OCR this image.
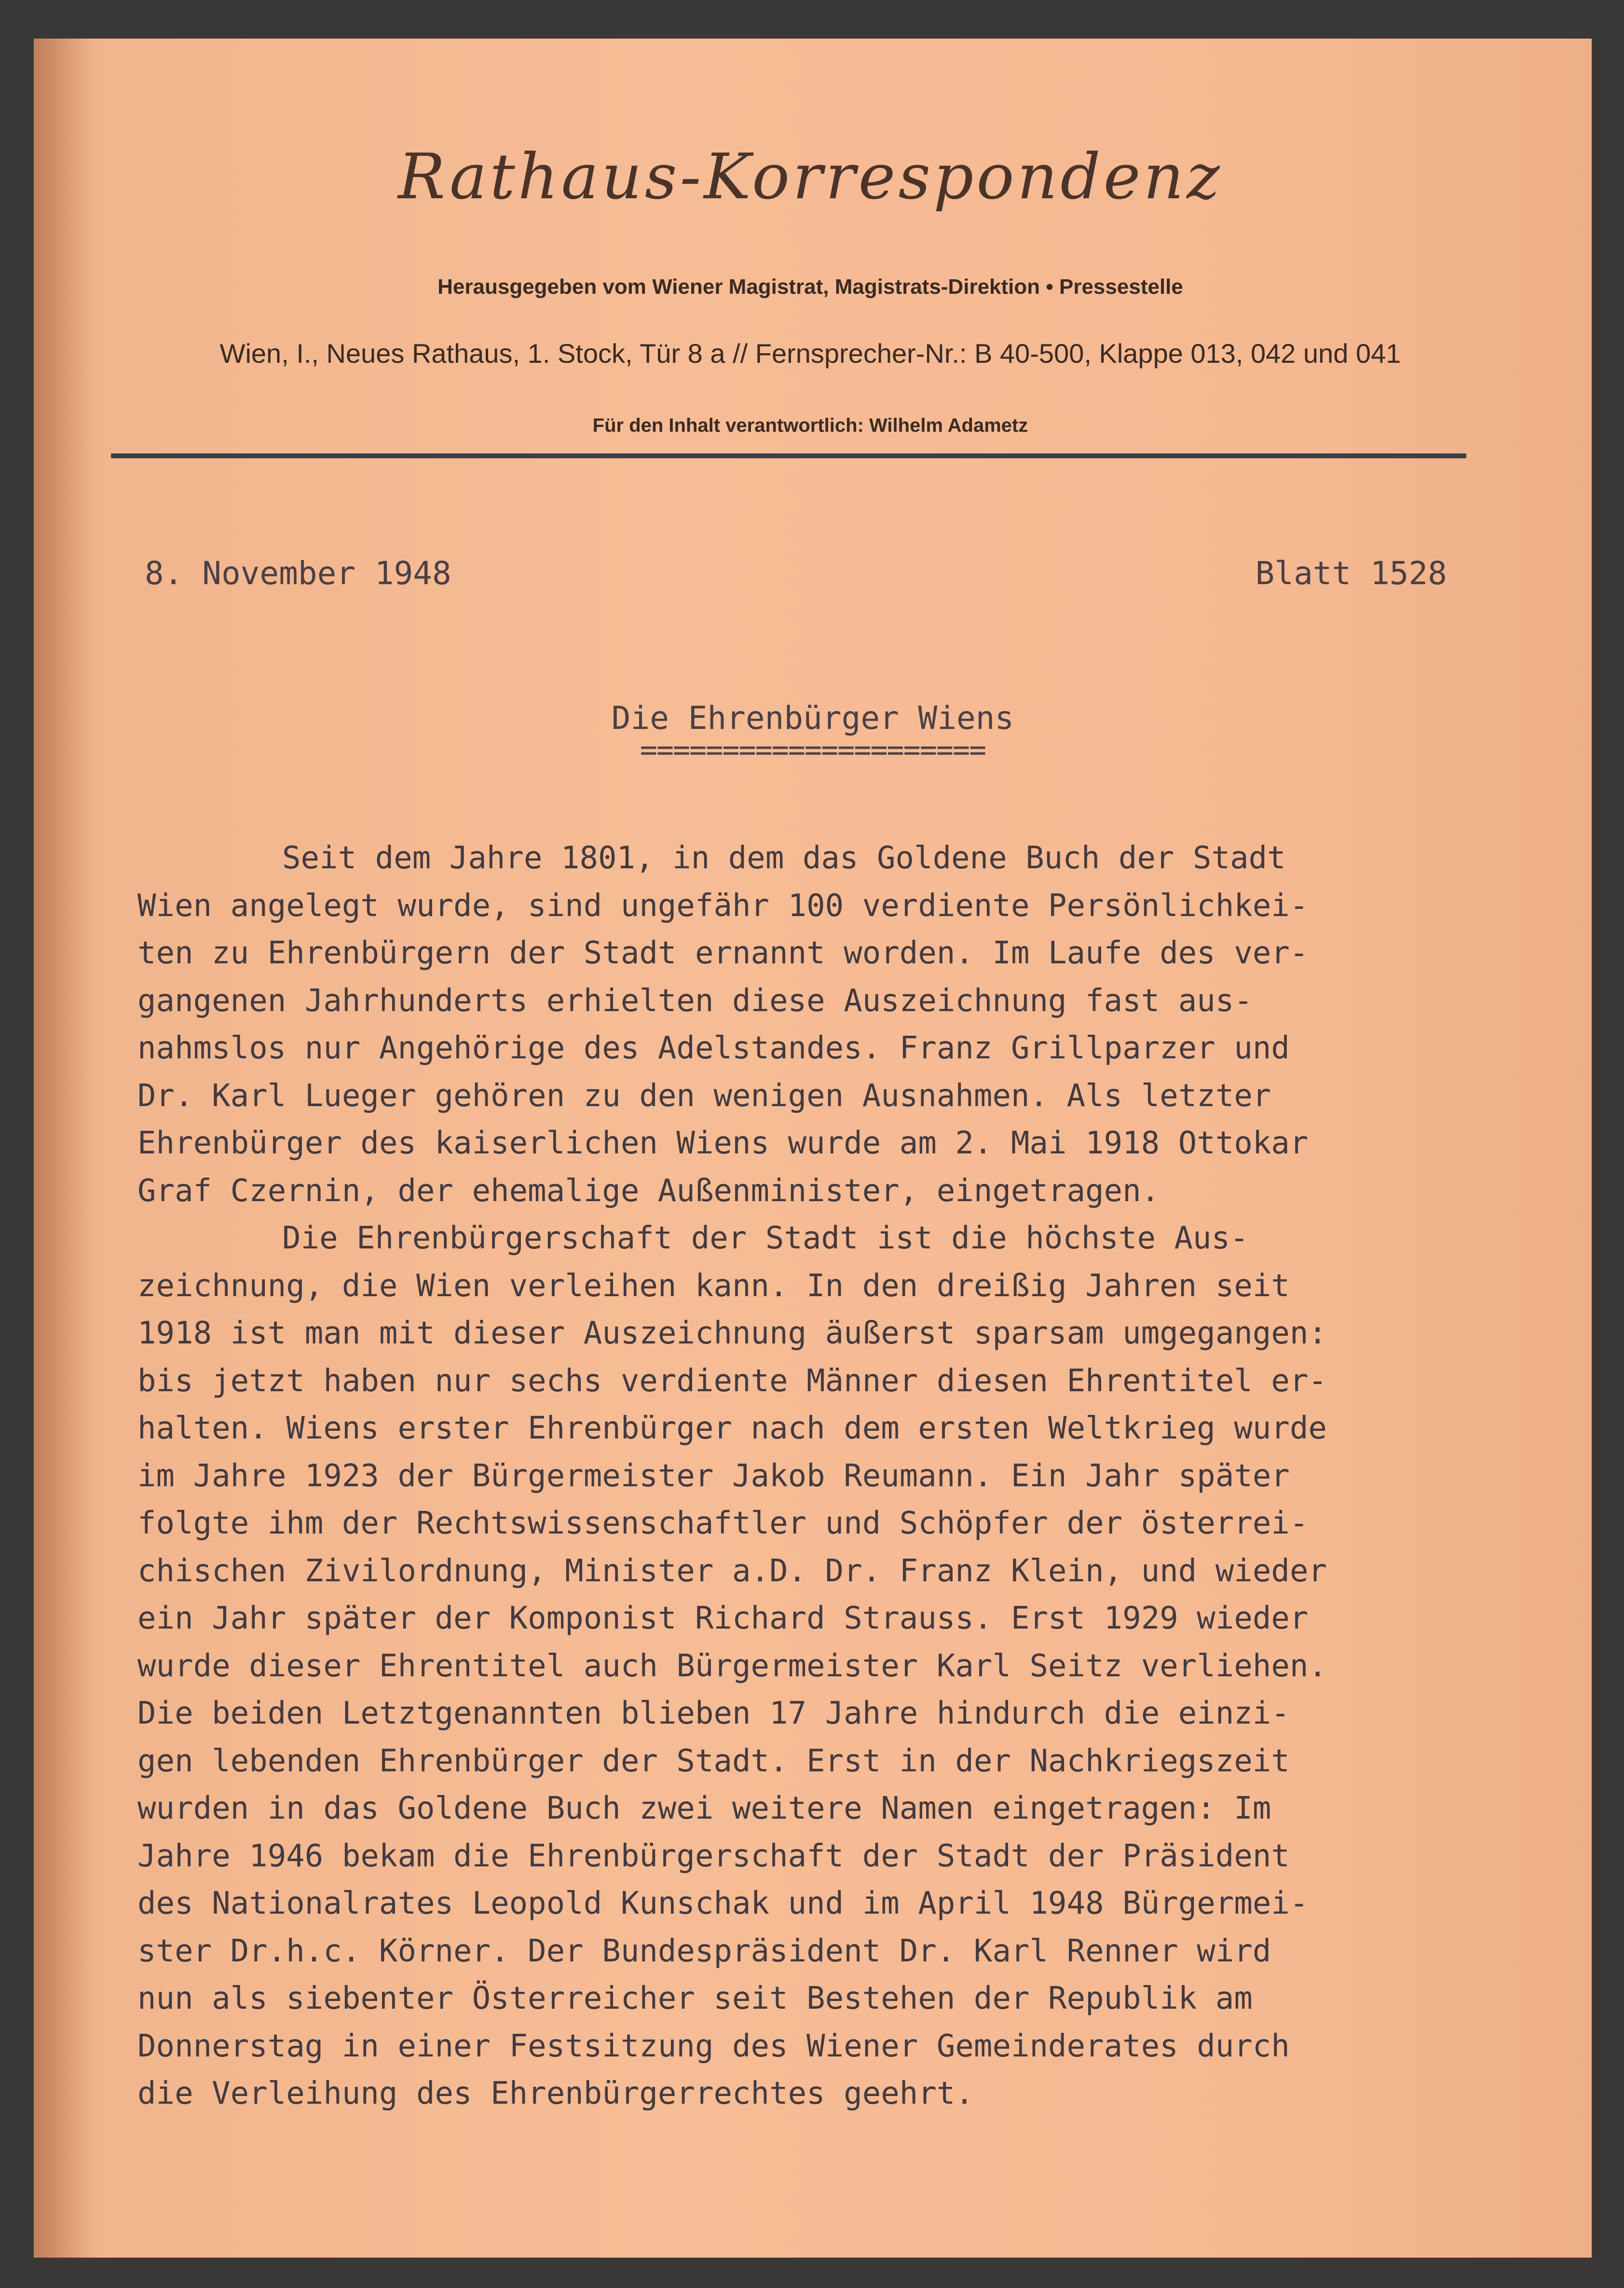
Rathaus-Korrespondenz

Herausgegeben vom Wiener Magistrat, Magistrats-Direktion • Pressestelle

Wien, I., Neues Rathaus, 1. Stock, Tür 8 a // Fernsprecher-Nr.: B 40-500, Klappe 013, 042 und 041

Für den Inhalt verantwortlich: Wilhelm Adametz

8. November 1948	Blatt 1528

Die Ehrenbürger Wiens

=====================

Seit dem Jahre 1801, in dem das Goldene Buch der Stadt
Wien angelegt wurde, sind ungefähr 100 verdiente Persönlichkei-
ten zu Ehrenbürgern der Stadt ernannt worden. Im Laufe des ver-
gangenen Jahrhunderts erhielten diese Auszeichnung fast aus-
nahmslos nur Angehörige des Adelstandes. Franz Grillparzer und
Dr. Karl Lueger gehören zu den wenigen Ausnahmen. Als letzter
Ehrenbürger des kaiserlichen Wiens wurde am 2. Mai 1918 Ottokar
Graf Czernin, der ehemalige Außenminister, eingetragen.
Die Ehrenbürgerschaft der Stadt ist die höchste Aus-
zeichnung, die Wien verleihen kann. In den dreißig Jahren seit
1918 ist man mit dieser Auszeichnung äußerst sparsam umgegangen:
bis jetzt haben nur sechs verdiente Männer diesen Ehrentitel er-
halten. Wiens erster Ehrenbürger nach dem ersten Weltkrieg wurde
im Jahre 1923 der Bürgermeister Jakob Reumann. Ein Jahr später
folgte ihm der Rechtswissenschaftler und Schöpfer der österrei-
chischen Zivilordnung, Minister a.D. Dr. Franz Klein, und wieder
ein Jahr später der Komponist Richard Strauss. Erst 1929 wieder
wurde dieser Ehrentitel auch Bürgermeister Karl Seitz verliehen.
Die beiden Letztgenannten blieben 17 Jahre hindurch die einzi-
gen lebenden Ehrenbürger der Stadt. Erst in der Nachkriegszeit
wurden in das Goldene Buch zwei weitere Namen eingetragen: Im
Jahre 1946 bekam die Ehrenbürgerschaft der Stadt der Präsident
des Nationalrates Leopold Kunschak und im April 1948 Bürgermei-
ster Dr.h.c. Körner. Der Bundespräsident Dr. Karl Renner wird
nun als siebenter Österreicher seit Bestehen der Republik am
Donnerstag in einer Festsitzung des Wiener Gemeinderates durch
die Verleihung des Ehrenbürgerrechtes geehrt.
